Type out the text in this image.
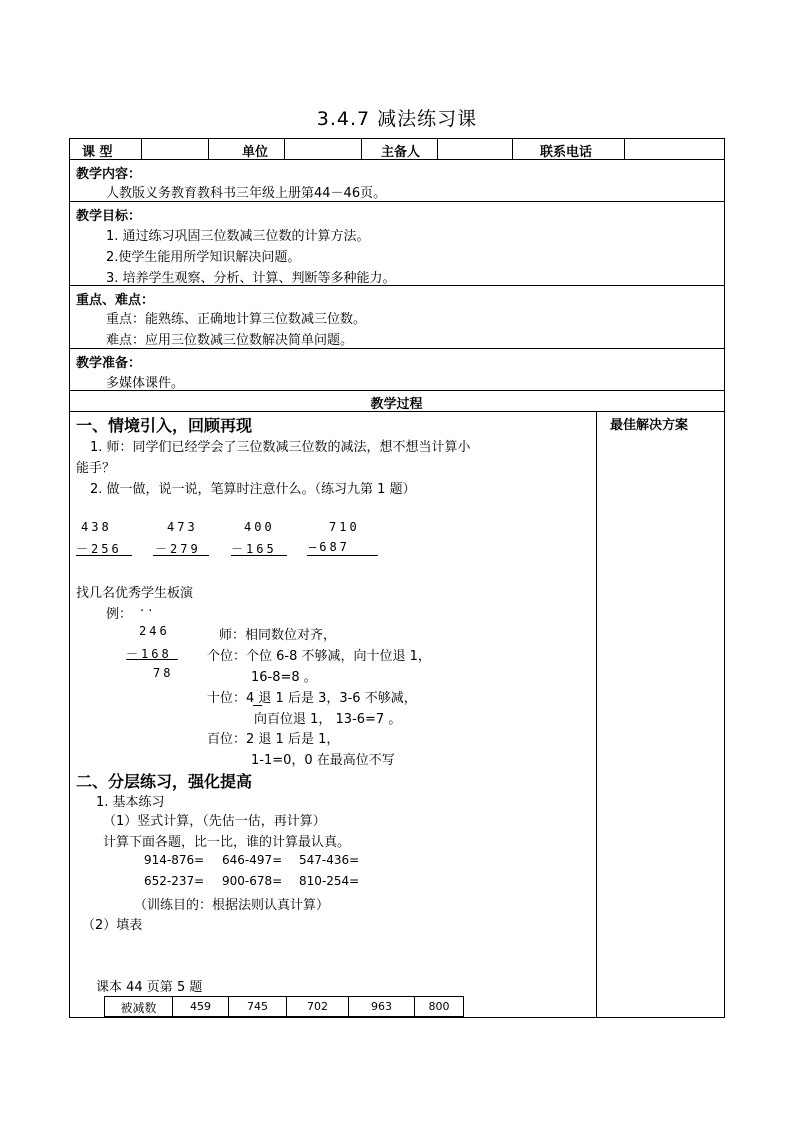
3.4.7 减法练习课
课 型	单位	主备人	联系电话
教学内容：
人教版义务教育教科书三年级上册第44－46页。
教学目标：
1. 通过练习巩固三位数减三位数的计算方法。
2.使学生能用所学知识解决问题。
3. 培养学生观察、分析、计算、判断等多种能力。
重点、难点：
重点：能熟练、正确地计算三位数减三位数。
难点：应用三位数减三位数解决简单问题。
教学准备：
多媒体课件。
教学过程
最佳解决方案
一、情境引入，回顾再现
1. 师：同学们已经学会了三位数减三位数的减法，想不想当计算小
能手？
2. 做一做，说一说，笔算时注意什么。（练习九第 1 题）
438
－256
473
－279
400
－165
710
—687
找几名优秀学生板演
例： . .
246
－168
78
师：相同数位对齐，
个位：个位 6-8 不够减，向十位退 1，
16-8=8 。
十位：4 退 1 后是 3，3-6 不够减，
向百位退 1， 13-6=7 。
百位：2 退 1 后是 1，
1-1=0，0 在最高位不写
二、分层练习，强化提高
1. 基本练习
（1）竖式计算，（先估一估，再计算）
计算下面各题，比一比，谁的计算最认真。
914-876= 646-497= 547-436=
652-237= 900-678= 810-254=
（训练目的：根据法则认真计算）
（2）填表
课本 44 页第 5 题
被减数	459	745	702	963	800
